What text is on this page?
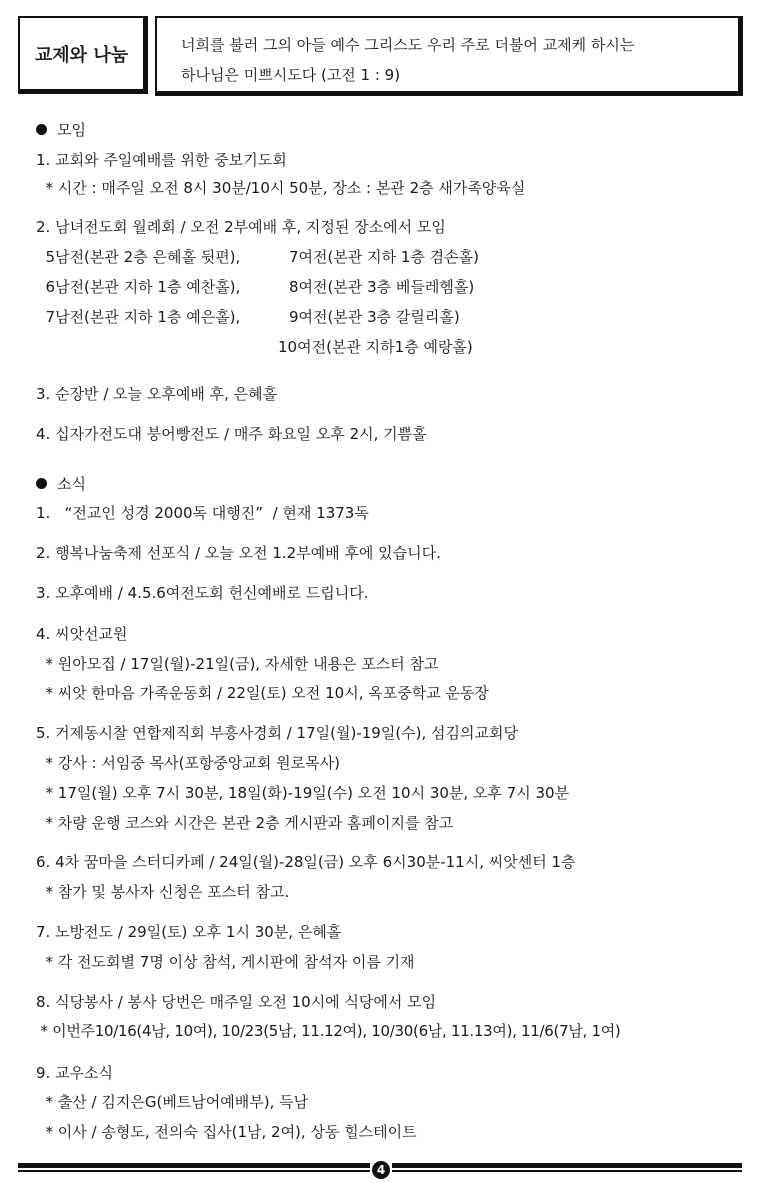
교제와 나눔	너희를 불러 그의 아들 예수 그리스도 우리 주로 더불어 교제케 하시는
하나님은 미쁘시도다 (고전 1 : 9)
모임
1. 교회와 주일예배를 위한 중보기도회
* 시간 : 매주일 오전 8시 30분/10시 50분, 장소 : 본관 2층 새가족양육실
2. 남녀전도회 월례회 / 오전 2부예배 후, 지정된 장소에서 모임
5남전(본관 2층 은혜홀 뒷편),	7여전(본관 지하 1층 겸손홀)
6남전(본관 지하 1층 예찬홀),	8여전(본관 3층 베들레헴홀)
7남전(본관 지하 1층 예은홀),	9여전(본관 3층 갈릴리홀)
10여전(본관 지하1층 예랑홀)
3. 순장반 / 오늘 오후예배 후, 은혜홀
4. 십자가전도대 붕어빵전도 / 매주 화요일 오후 2시, 기쁨홀
소식
1.   “전교인 성경 2000독 대행진”  / 현재 1373독
2. 행복나눔축제 선포식 / 오늘 오전 1.2부예배 후에 있습니다.
3. 오후예배 / 4.5.6여전도회 헌신예배로 드립니다.
4. 씨앗선교원
* 원아모집 / 17일(월)-21일(금), 자세한 내용은 포스터 참고
* 씨앗 한마음 가족운동회 / 22일(토) 오전 10시, 옥포중학교 운동장
5. 거제동시찰 연합제직회 부흥사경회 / 17일(월)-19일(수), 섬김의교회당
* 강사 : 서임중 목사(포항중앙교회 원로목사)
* 17일(월) 오후 7시 30분, 18일(화)-19일(수) 오전 10시 30분, 오후 7시 30분
* 차량 운행 코스와 시간은 본관 2층 게시판과 홈페이지를 참고
6. 4차 꿈마을 스터디카페 / 24일(월)-28일(금) 오후 6시30분-11시, 씨앗센터 1층
* 참가 및 봉사자 신청은 포스터 참고.
7. 노방전도 / 29일(토) 오후 1시 30분, 은혜홀
* 각 전도회별 7명 이상 참석, 게시판에 참석자 이름 기재
8. 식당봉사 / 봉사 당번은 매주일 오전 10시에 식당에서 모임
* 이번주10/16(4남, 10여), 10/23(5남, 11.12여), 10/30(6남, 11.13여), 11/6(7남, 1여)
9. 교우소식
* 출산 / 김지은G(베트남어예배부), 득남
* 이사 / 송형도, 전의숙 집사(1남, 2여), 상동 힐스테이트
4
